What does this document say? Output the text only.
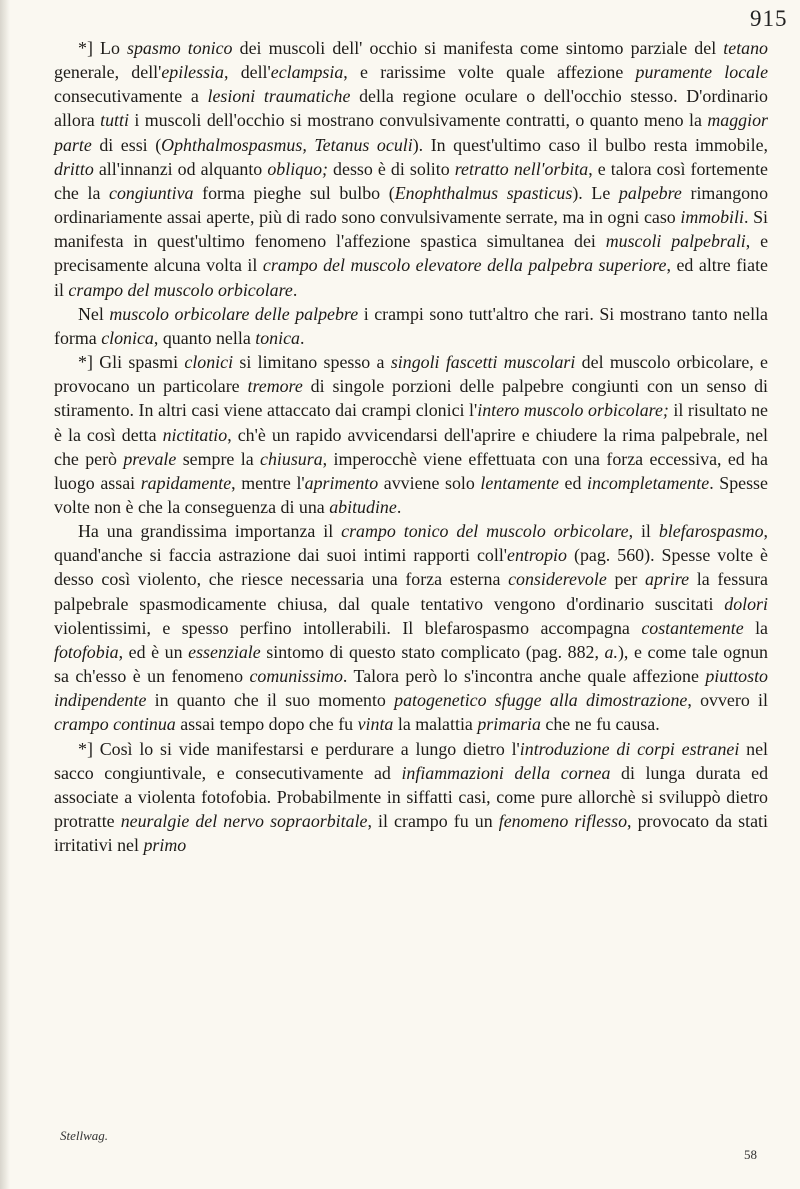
915

*] Lo spasmo tonico dei muscoli dell' occhio si manifesta come sintomo parziale del tetano generale, dell'epilessia, dell'eclampsia, e rarissime volte quale affezione puramente locale consecutivamente a lesioni traumatiche della regione oculare o dell'occhio stesso. D'ordinario allora tutti i muscoli dell'occhio si mostrano convulsivamente contratti, o quanto meno la maggior parte di essi (Ophthalmospasmus, Tetanus oculi). In quest'ultimo caso il bulbo resta immobile, dritto all'innanzi od alquanto obliquo; desso è di solito retratto nell'orbita, e talora così fortemente che la congiuntiva forma pieghe sul bulbo (Enophthalmus spasticus). Le palpebre rimangono ordinariamente assai aperte, più di rado sono convulsivamente serrate, ma in ogni caso immobili. Si manifesta in quest'ultimo fenomeno l'affezione spastica simultanea dei muscoli palpebrali, e precisamente alcuna volta il crampo del muscolo elevatore della palpebra superiore, ed altre fiate il crampo del muscolo orbicolare.

Nel muscolo orbicolare delle palpebre i crampi sono tutt'altro che rari. Si mostrano tanto nella forma clonica, quanto nella tonica.

*] Gli spasmi clonici si limitano spesso a singoli fascetti muscolari del muscolo orbicolare, e provocano un particolare tremore di singole porzioni delle palpebre congiunti con un senso di stiramento. In altri casi viene attaccato dai crampi clonici l'intero muscolo orbicolare; il risultato ne è la così detta nictitatio, ch'è un rapido avvicendarsi dell'aprire e chiudere la rima palpebrale, nel che però prevale sempre la chiusura, imperocchè viene effettuata con una forza eccessiva, ed ha luogo assai rapidamente, mentre l'aprimento avviene solo lentamente ed incompletamente. Spesse volte non è che la conseguenza di una abitudine.

Ha una grandissima importanza il crampo tonico del muscolo orbicolare, il blefarospasmo, quand'anche si faccia astrazione dai suoi intimi rapporti coll'entropio (pag. 560). Spesse volte è desso così violento, che riesce necessaria una forza esterna considerevole per aprire la fessura palpebrale spasmodicamente chiusa, dal quale tentativo vengono d'ordinario suscitati dolori violentissimi, e spesso perfino intollerabili. Il blefarospasmo accompagna costantemente la fotofobia, ed è un essenziale sintomo di questo stato complicato (pag. 882, a.), e come tale ognun sa ch'esso è un fenomeno comunissimo. Talora però lo s'incontra anche quale affezione piuttosto indipendente in quanto che il suo momento patogenetico sfugge alla dimostrazione, ovvero il crampo continua assai tempo dopo che fu vinta la malattia primaria che ne fu causa.

*] Così lo si vide manifestarsi e perdurare a lungo dietro l'introduzione di corpi estranei nel sacco congiuntivale, e consecutivamente ad infiammazioni della cornea di lunga durata ed associate a violenta fotofobia. Probabilmente in siffatti casi, come pure allorchè si sviluppò dietro protratte neuralgie del nervo sopraorbitale, il crampo fu un fenomeno riflesso, provocato da stati irritativi nel primo

Stellwag.
58
